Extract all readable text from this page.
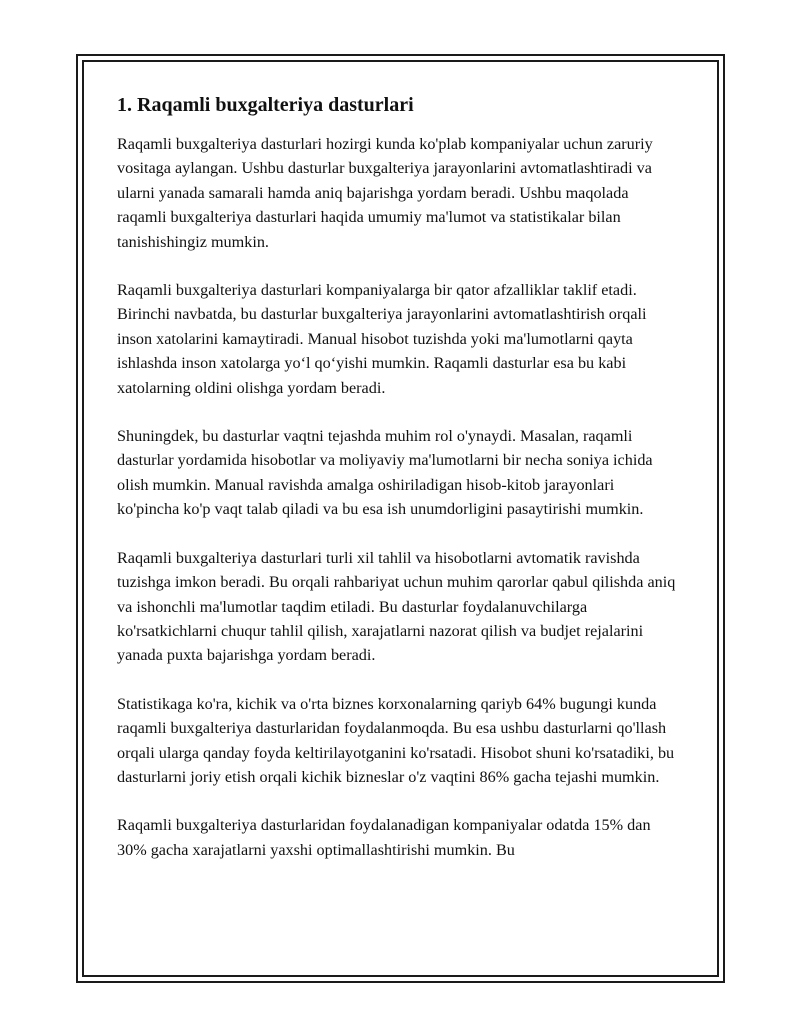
1. Raqamli buxgalteriya dasturlari

Raqamli buxgalteriya dasturlari hozirgi kunda ko'plab kompaniyalar uchun zaruriy vositaga aylangan. Ushbu dasturlar buxgalteriya jarayonlarini avtomatlashtiradi va ularni yanada samarali hamda aniq bajarishga yordam beradi. Ushbu maqolada raqamli buxgalteriya dasturlari haqida umumiy ma'lumot va statistikalar bilan tanishishingiz mumkin.

Raqamli buxgalteriya dasturlari kompaniyalarga bir qator afzalliklar taklif etadi. Birinchi navbatda, bu dasturlar buxgalteriya jarayonlarini avtomatlashtirish orqali inson xatolarini kamaytiradi. Manual hisobot tuzishda yoki ma'lumotlarni qayta ishlashda inson xatolarga yo‘l qo‘yishi mumkin. Raqamli dasturlar esa bu kabi xatolarning oldini olishga yordam beradi.

Shuningdek, bu dasturlar vaqtni tejashda muhim rol o'ynaydi. Masalan, raqamli dasturlar yordamida hisobotlar va moliyaviy ma'lumotlarni bir necha soniya ichida olish mumkin. Manual ravishda amalga oshiriladigan hisob-kitob jarayonlari ko'pincha ko'p vaqt talab qiladi va bu esa ish unumdorligini pasaytirishi mumkin.

Raqamli buxgalteriya dasturlari turli xil tahlil va hisobotlarni avtomatik ravishda tuzishga imkon beradi. Bu orqali rahbariyat uchun muhim qarorlar qabul qilishda aniq va ishonchli ma'lumotlar taqdim etiladi. Bu dasturlar foydalanuvchilarga ko'rsatkichlarni chuqur tahlil qilish, xarajatlarni nazorat qilish va budjet rejalarini yanada puxta bajarishga yordam beradi.

Statistikaga ko'ra, kichik va o'rta biznes korxonalarning qariyb 64% bugungi kunda raqamli buxgalteriya dasturlaridan foydalanmoqda. Bu esa ushbu dasturlarni qo'llash orqali ularga qanday foyda keltirilayotganini ko'rsatadi. Hisobot shuni ko'rsatadiki, bu dasturlarni joriy etish orqali kichik bizneslar o'z vaqtini 86% gacha tejashi mumkin.

Raqamli buxgalteriya dasturlaridan foydalanadigan kompaniyalar odatda 15% dan 30% gacha xarajatlarni yaxshi optimallashtirishi mumkin. Bu
